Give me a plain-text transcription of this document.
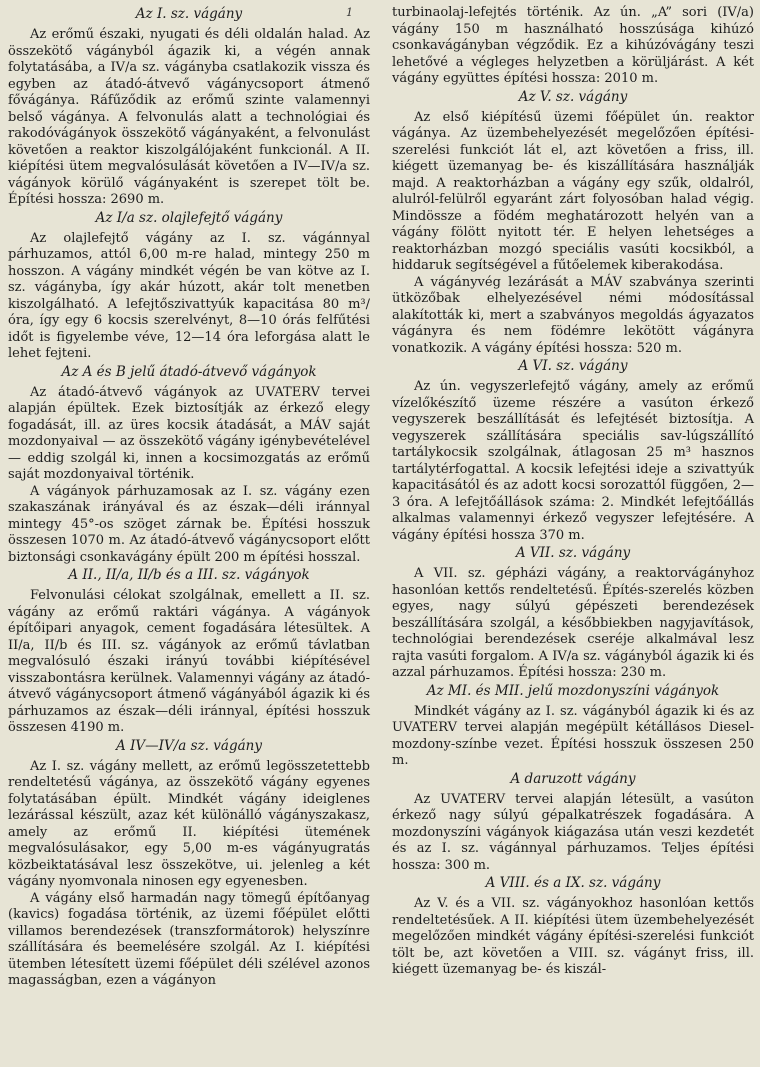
1
Az I. sz. vágány

Az erőmű északi, nyugati és déli oldalán halad. Az összekötő vágányból ágazik ki, a végén annak folytatásába, a IV/a sz. vágányba csatlakozik vissza és egyben az átadó-átvevő vágánycsoport átmenő fővágánya. Ráfűződik az erőmű szinte valamennyi belső vágánya. A felvonulás alatt a technológiai és rakodóvágányok összekötő vágányaként, a felvonulást követően a reaktor kiszolgálójaként funkcionál. A II. kiépítési ütem megvalósulását követően a IV—IV/a sz. vágányok körülő vágányaként is szerepet tölt be. Építési hossza: 2690 m.

Az I/a sz. olajlefejtő vágány

Az olajlefejtő vágány az I. sz. vágánnyal párhuzamos, attól 6,00 m-re halad, mintegy 250 m hosszon. A vágány mindkét végén be van kötve az I. sz. vágányba, így akár húzott, akár tolt menetben kiszolgálható. A lefejtőszivattyúk kapacitása 80 m³/óra, így egy 6 kocsis szerelvényt, 8—10 órás felfűtési időt is figyelembe véve, 12—14 óra leforgása alatt le lehet fejteni.

Az A és B jelű átadó-átvevő vágányok

Az átadó-átvevő vágányok az UVATERV tervei alapján épültek. Ezek biztosítják az érkező elegy fogadását, ill. az üres kocsik átadását, a MÁV saját mozdonyaival — az összekötő vágány igénybevételével — eddig szolgál ki, innen a kocsimozgatás az erőmű saját mozdonyaival történik.

A vágányok párhuzamosak az I. sz. vágány ezen szakaszának irányával és az észak—déli iránnyal mintegy 45°-os szöget zárnak be. Építési hosszuk összesen 1070 m. Az átadó-átvevő vágánycsoport előtt biztonsági csonkavágány épült 200 m építési hosszal.

A II., II/a, II/b és a III. sz. vágányok

Felvonulási célokat szolgálnak, emellett a II. sz. vágány az erőmű raktári vágánya. A vágányok építőipari anyagok, cement fogadására létesültek. A II/a, II/b és III. sz. vágányok az erőmű távlatban megvalósuló északi irányú további kiépítésével visszabontásra kerülnek. Valamennyi vágány az átadó-átvevő vágánycsoport átmenő vágányából ágazik ki és párhuzamos az észak—déli iránnyal, építési hosszuk összesen 4190 m.

A IV—IV/a sz. vágány

Az I. sz. vágány mellett, az erőmű legösszetettebb rendeltetésű vágánya, az összekötő vágány egyenes folytatásában épült. Mindkét vágány ideiglenes lezárással készült, azaz két különálló vágányszakasz, amely az erőmű II. kiépítési ütemének megvalósulásakor, egy 5,00 m-es vágányugratás közbeiktatásával lesz összekötve, ui. jelenleg a két vágány nyomvonala ninosen egy egyenesben.

A vágány első harmadán nagy tömegű építőanyag (kavics) fogadása történik, az üzemi főépület előtti villamos berendezések (transzformátorok) helyszínre szállítására és beemelésére szolgál. Az I. kiépítési ütemben létesített üzemi főépület déli szélével azonos magasságban, ezen a vágányon

turbinaolaj-lefejtés történik. Az ún. „A” sori (IV/a) vágány 150 m használható hosszúsága kihúzó csonkavágányban végződik. Ez a kihúzóvágány teszi lehetővé a végleges helyzetben a körüljárást. A két vágány együttes építési hossza: 2010 m.

Az V. sz. vágány

Az első kiépítésű üzemi főépület ún. reaktor vágánya. Az üzembehelyezését megelőzően építési-szerelési funkciót lát el, azt követően a friss, ill. kiégett üzemanyag be- és kiszállítására használják majd. A reaktorházban a vágány egy szűk, oldalról, alulról-felülről egyaránt zárt folyosóban halad végig. Mindössze a födém meghatározott helyén van a vágány fölött nyitott tér. E helyen lehetséges a reaktorházban mozgó speciális vasúti kocsikból, a hiddaruk segítségével a fűtőelemek kiberakodása.

A vágányvég lezárását a MÁV szabványa szerinti ütközőbak elhelyezésével némi módosítással alakították ki, mert a szabványos megoldás ágyazatos vágányra és nem födémre lekötött vágányra vonatkozik. A vágány építési hossza: 520 m.

A VI. sz. vágány

Az ún. vegyszerlefejtő vágány, amely az erőmű vízelőkészítő üzeme részére a vasúton érkező vegyszerek beszállítását és lefejtését biztosítja. A vegyszerek szállítására speciális sav-lúgszállító tartálykocsik szolgálnak, átlagosan 25 m³ hasznos tartálytérfogattal. A kocsik lefejtési ideje a szivattyúk kapacitásától és az adott kocsi sorozattól függően, 2—3 óra. A lefejtőállások száma: 2. Mindkét lefejtőállás alkalmas valamennyi érkező vegyszer lefejtésére. A vágány építési hossza 370 m.

A VII. sz. vágány

A VII. sz. gépházi vágány, a reaktorvágányhoz hasonlóan kettős rendeltetésű. Építés-szerelés közben egyes, nagy súlyú gépészeti berendezések beszállítására szolgál, a későbbiekben nagyjavítások, technológiai berendezések cseréje alkalmával lesz rajta vasúti forgalom. A IV/a sz. vágányból ágazik ki és azzal párhuzamos. Építési hossza: 230 m.

Az MI. és MII. jelű mozdonyszíni vágányok

Mindkét vágány az I. sz. vágányból ágazik ki és az UVATERV tervei alapján megépült kétállásos Diesel-mozdony-színbe vezet. Építési hosszuk összesen 250 m.

A daruzott vágány

Az UVATERV tervei alapján létesült, a vasúton érkező nagy súlyú gépalkatrészek fogadására. A mozdonyszíni vágányok kiágazása után veszi kezdetét és az I. sz. vágánnyal párhuzamos. Teljes építési hossza: 300 m.

A VIII. és a IX. sz. vágány

Az V. és a VII. sz. vágányokhoz hasonlóan kettős rendeltetésűek. A II. kiépítési ütem üzembehelyezését megelőzően mindkét vágány építési-szerelési funkciót tölt be, azt követően a VIII. sz. vágányt friss, ill. kiégett üzemanyag be- és kiszál-
